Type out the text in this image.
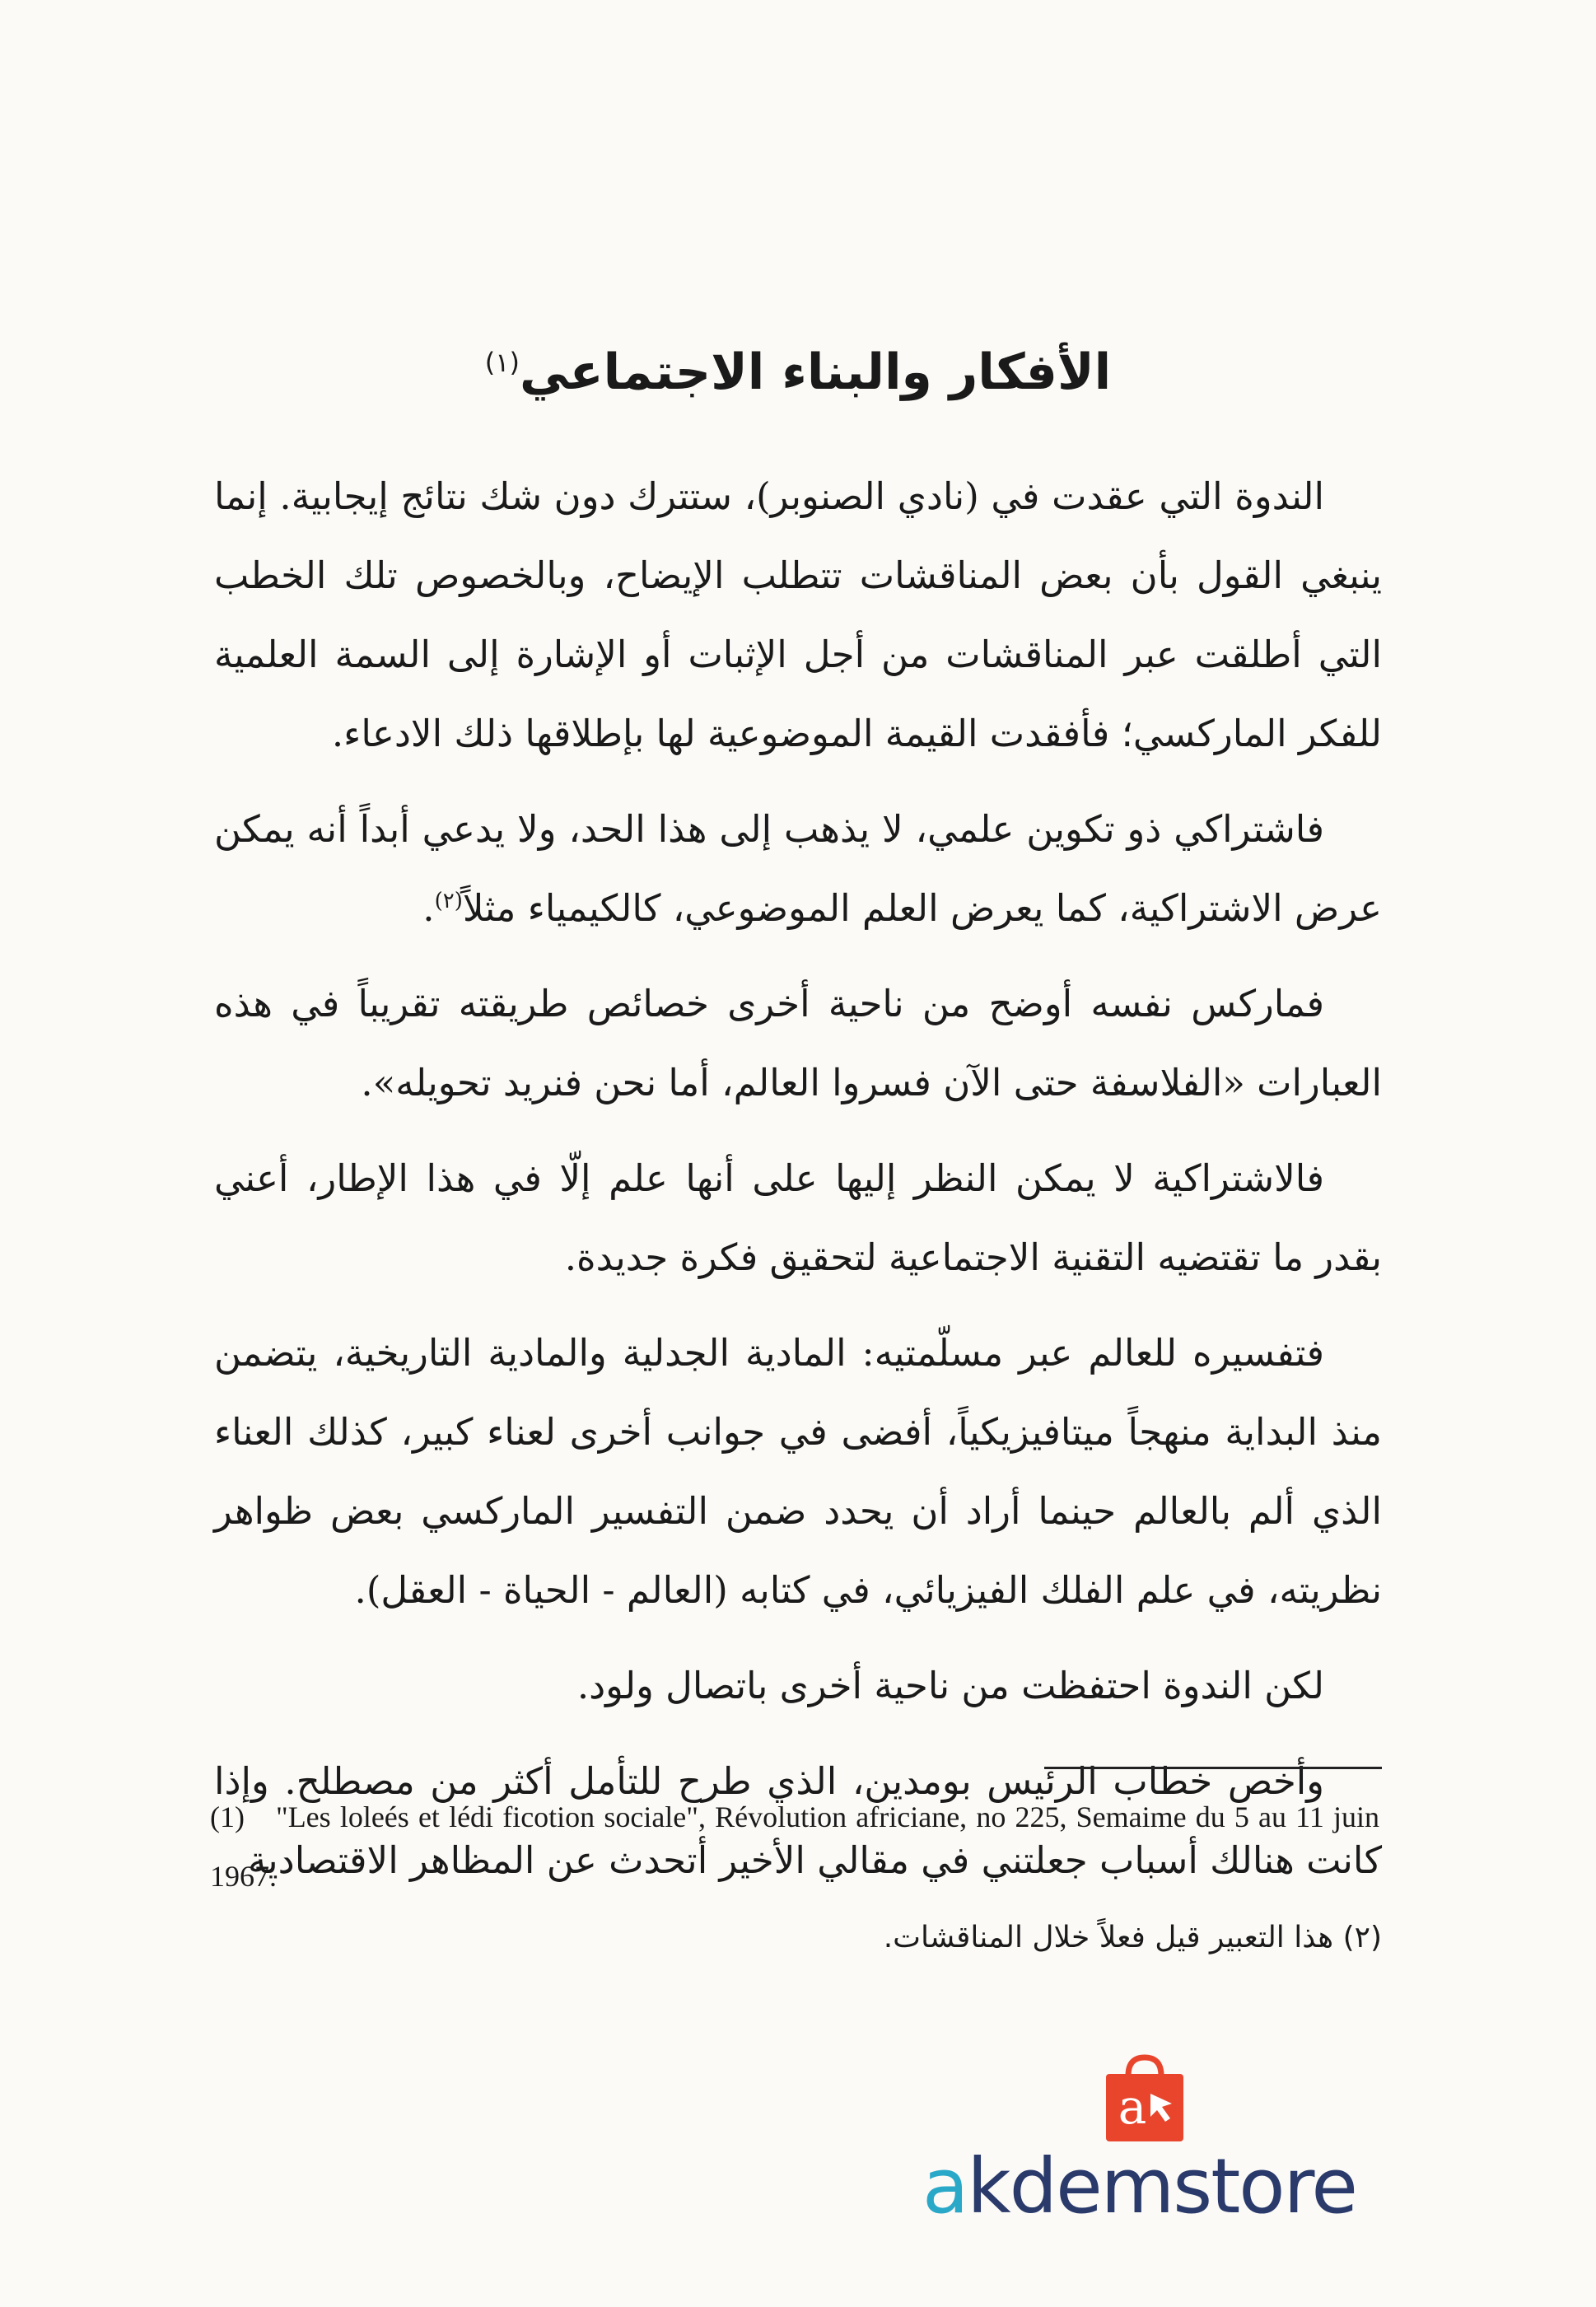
الأفكار والبناء الاجتماعي$^{(١)}$

الندوة التي عقدت في (نادي الصنوبر)، ستترك دون شك نتائج إيجابية. إنما ينبغي القول بأن بعض المناقشات تتطلب الإيضاح، وبالخصوص تلك الخطب التي أطلقت عبر المناقشات من أجل الإثبات أو الإشارة إلى السمة العلمية للفكر الماركسي؛ فأفقدت القيمة الموضوعية لها بإطلاقها ذلك الادعاء.

فاشتراكي ذو تكوين علمي، لا يذهب إلى هذا الحد، ولا يدعي أبداً أنه يمكن عرض الاشتراكية، كما يعرض العلم الموضوعي، كالكيمياء مثلاً$^{(٢)}$.

فماركس نفسه أوضح من ناحية أخرى خصائص طريقته تقريباً في هذه العبارات «الفلاسفة حتى الآن فسروا العالم، أما نحن فنريد تحويله».

فالاشتراكية لا يمكن النظر إليها على أنها علم إلّا في هذا الإطار، أعني بقدر ما تقتضيه التقنية الاجتماعية لتحقيق فكرة جديدة.

فتفسيره للعالم عبر مسلّمتيه: المادية الجدلية والمادية التاريخية، يتضمن منذ البداية منهجاً ميتافيزيكياً، أفضى في جوانب أخرى لعناء كبير، كذلك العناء الذي ألم بالعالم حينما أراد أن يحدد ضمن التفسير الماركسي بعض ظواهر نظريته، في علم الفلك الفيزيائي، في كتابه (العالم - الحياة - العقل).

لكن الندوة احتفظت من ناحية أخرى باتصال ولود.

وأخص خطاب الرئيس بومدين، الذي طرح للتأمل أكثر من مصطلح. وإذا كانت هنالك أسباب جعلتني في مقالي الأخير أتحدث عن المظاهر الاقتصادية

(1) "Les loleés et lédi ficotion sociale", Révolution africiane, no 225, Semaime du 5 au 11 juin 1967.
(٢) هذا التعبير قيل فعلاً خلال المناقشات.
a
akdemstore
